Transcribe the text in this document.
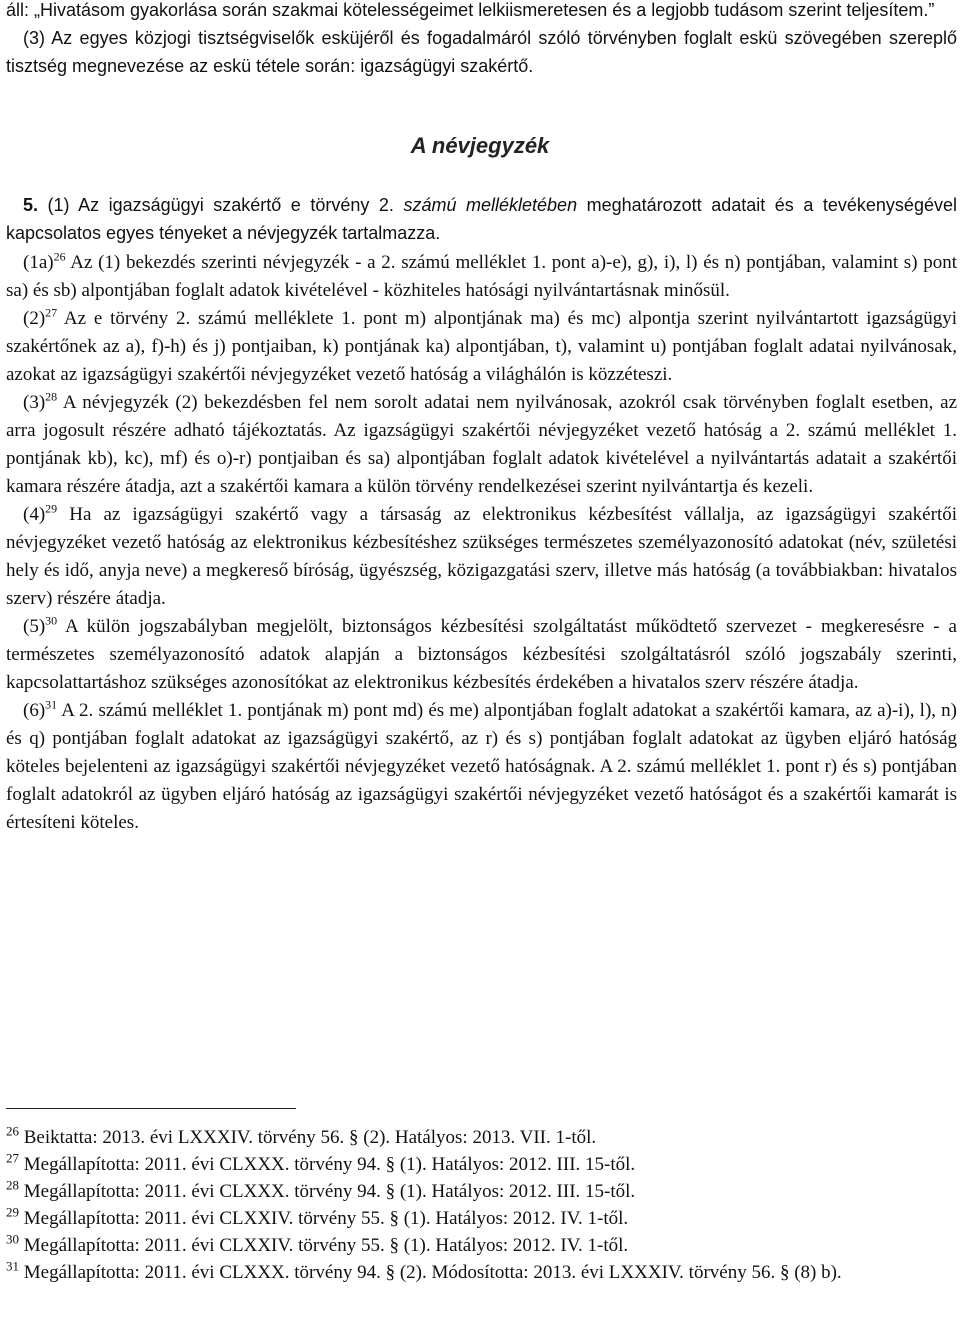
áll: „Hivatásom gyakorlása során szakmai kötelességeimet lelkiismeretesen és a legjobb tudásom szerint teljesítem.”

(3) Az egyes közjogi tisztségviselők esküjéről és fogadalmáról szóló törvényben foglalt eskü szövegében szereplő tisztség megnevezése az eskü tétele során: igazságügyi szakértő.

A névjegyzék

5. (1) Az igazságügyi szakértő e törvény 2. számú mellékletében meghatározott adatait és a tevékenységével kapcsolatos egyes tényeket a névjegyzék tartalmazza.

$(1a)^{26}$ Az (1) bekezdés szerinti névjegyzék - a 2. számú melléklet 1. pont a)-e), g), i), l) és n) pontjában, valamint s) pont sa) és sb) alpontjában foglalt adatok kivételével - közhiteles hatósági nyilvántartásnak minősül.

$(2)^{27}$ Az e törvény 2. számú melléklete 1. pont m) alpontjának ma) és mc) alpontja szerint nyilvántartott igazságügyi szakértőnek az a), f)-h) és j) pontjaiban, k) pontjának ka) alpontjában, t), valamint u) pontjában foglalt adatai nyilvánosak, azokat az igazságügyi szakértői névjegyzéket vezető hatóság a világhálón is közzéteszi.

$(3)^{28}$ A névjegyzék (2) bekezdésben fel nem sorolt adatai nem nyilvánosak, azokról csak törvényben foglalt esetben, az arra jogosult részére adható tájékoztatás. Az igazságügyi szakértői névjegyzéket vezető hatóság a 2. számú melléklet 1. pontjának kb), kc), mf) és o)-r) pontjaiban és sa) alpontjában foglalt adatok kivételével a nyilvántartás adatait a szakértői kamara részére átadja, azt a szakértői kamara a külön törvény rendelkezései szerint nyilvántartja és kezeli.

$(4)^{29}$ Ha az igazságügyi szakértő vagy a társaság az elektronikus kézbesítést vállalja, az igazságügyi szakértői névjegyzéket vezető hatóság az elektronikus kézbesítéshez szükséges természetes személyazonosító adatokat (név, születési hely és idő, anyja neve) a megkereső bíróság, ügyészség, közigazgatási szerv, illetve más hatóság (a továbbiakban: hivatalos szerv) részére átadja.

$(5)^{30}$ A külön jogszabályban megjelölt, biztonságos kézbesítési szolgáltatást működtető szervezet - megkeresésre - a természetes személyazonosító adatok alapján a biztonságos kézbesítési szolgáltatásról szóló jogszabály szerinti, kapcsolattartáshoz szükséges azonosítókat az elektronikus kézbesítés érdekében a hivatalos szerv részére átadja.

$(6)^{31}$ A 2. számú melléklet 1. pontjának m) pont md) és me) alpontjában foglalt adatokat a szakértői kamara, az a)-i), l), n) és q) pontjában foglalt adatokat az igazságügyi szakértő, az r) és s) pontjában foglalt adatokat az ügyben eljáró hatóság köteles bejelenteni az igazságügyi szakértői névjegyzéket vezető hatóságnak. A 2. számú melléklet 1. pont r) és s) pontjában foglalt adatokról az ügyben eljáró hatóság az igazságügyi szakértői névjegyzéket vezető hatóságot és a szakértői kamarát is értesíteni köteles.

$^{26}$ Beiktatta: 2013. évi LXXXIV. törvény 56. § (2). Hatályos: 2013. VII. 1-től.

$^{27}$ Megállapította: 2011. évi CLXXX. törvény 94. § (1). Hatályos: 2012. III. 15-től.

$^{28}$ Megállapította: 2011. évi CLXXX. törvény 94. § (1). Hatályos: 2012. III. 15-től.

$^{29}$ Megállapította: 2011. évi CLXXIV. törvény 55. § (1). Hatályos: 2012. IV. 1-től.

$^{30}$ Megállapította: 2011. évi CLXXIV. törvény 55. § (1). Hatályos: 2012. IV. 1-től.

$^{31}$ Megállapította: 2011. évi CLXXX. törvény 94. § (2). Módosította: 2013. évi LXXXIV. törvény 56. § (8) b).
